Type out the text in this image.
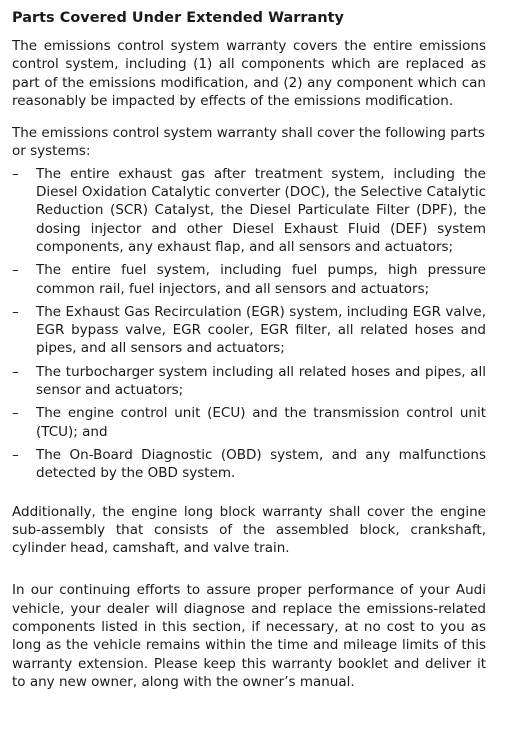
Parts Covered Under Extended Warranty

The emissions control system warranty covers the entire emissions control system, including (1) all components which are replaced as part of the emissions modification, and (2) any component which can reasonably be impacted by effects of the emissions modification.

The emissions control system warranty shall cover the following parts or systems:

–	The entire exhaust gas after treatment system, including the Diesel Oxidation Catalytic converter (DOC), the Selective Catalytic Reduction (SCR) Catalyst, the Diesel Particulate Filter (DPF), the dosing injector and other Diesel Exhaust Fluid (DEF) system components, any exhaust flap, and all sensors and actuators;
–	The entire fuel system, including fuel pumps, high pressure common rail, fuel injectors, and all sensors and actuators;
–	The Exhaust Gas Recirculation (EGR) system, including EGR valve, EGR bypass valve, EGR cooler, EGR filter, all related hoses and pipes, and all sensors and actuators;
–	The turbocharger system including all related hoses and pipes, all sensor and actuators;
–	The engine control unit (ECU) and the transmission control unit (TCU); and
–	The On-Board Diagnostic (OBD) system, and any malfunctions detected by the OBD system.

Additionally, the engine long block warranty shall cover the engine sub-assembly that consists of the assembled block, crankshaft, cylinder head, camshaft, and valve train.

In our continuing efforts to assure proper performance of your Audi vehicle, your dealer will diagnose and replace the emissions-related components listed in this section, if necessary, at no cost to you as long as the vehicle remains within the time and mileage limits of this warranty extension. Please keep this warranty booklet and deliver it to any new owner, along with the owner’s manual.
